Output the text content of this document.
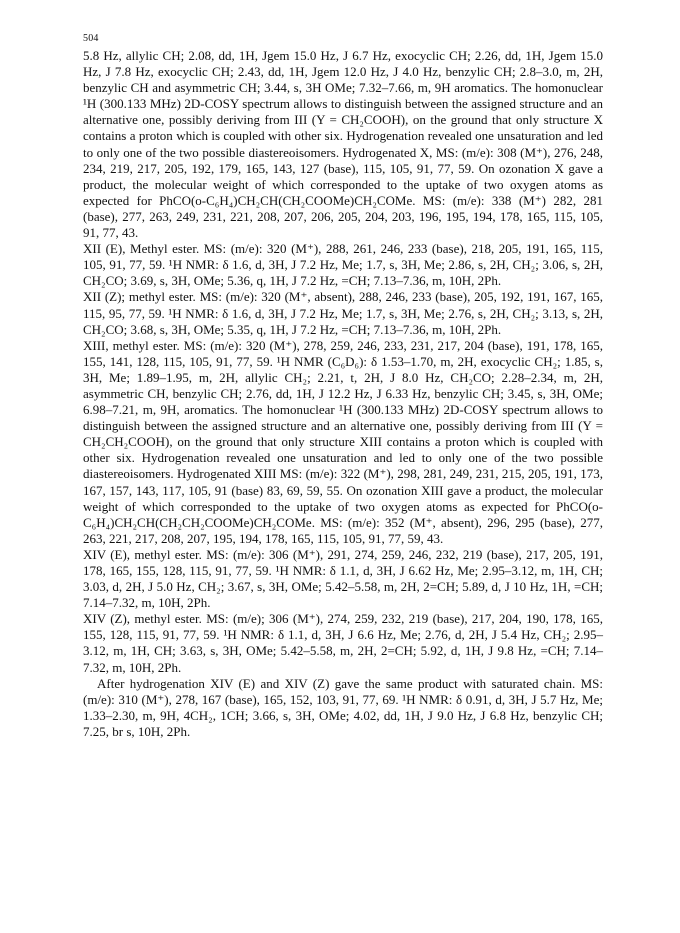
504

5.8 Hz, allylic CH; 2.08, dd, 1H, Jgem 15.0 Hz, J 6.7 Hz, exocyclic CH; 2.26, dd, 1H, Jgem 15.0 Hz, J 7.8 Hz, exocyclic CH; 2.43, dd, 1H, Jgem 12.0 Hz, J 4.0 Hz, benzylic CH; 2.8–3.0, m, 2H, benzylic CH and asymmetric CH; 3.44, s, 3H OMe; 7.32–7.66, m, 9H aromatics. The homonuclear ¹H (300.133 MHz) 2D-COSY spectrum allows to distinguish between the assigned structure and an alternative one, possibly deriving from III (Y = CH₂COOH), on the ground that only structure X contains a proton which is coupled with other six. Hydrogenation revealed one unsaturation and led to only one of the two possible diastereoisomers. Hydrogenated X, MS: (m/e): 308 (M⁺), 276, 248, 234, 219, 217, 205, 192, 179, 165, 143, 127 (base), 115, 105, 91, 77, 59. On ozonation X gave a product, the molecular weight of which corresponded to the uptake of two oxygen atoms as expected for PhCO(o-C₆H₄)CH₂CH(CH₂COOMe)CH₂COMe. MS: (m/e): 338 (M⁺) 282, 281 (base), 277, 263, 249, 231, 221, 208, 207, 206, 205, 204, 203, 196, 195, 194, 178, 165, 115, 105, 91, 77, 43.

XII (E), Methyl ester. MS: (m/e): 320 (M⁺), 288, 261, 246, 233 (base), 218, 205, 191, 165, 115, 105, 91, 77, 59. ¹H NMR: δ 1.6, d, 3H, J 7.2 Hz, Me; 1.7, s, 3H, Me; 2.86, s, 2H, CH₂; 3.06, s, 2H, CH₂CO; 3.69, s, 3H, OMe; 5.36, q, 1H, J 7.2 Hz, =CH; 7.13–7.36, m, 10H, 2Ph.

XII (Z); methyl ester. MS: (m/e): 320 (M⁺, absent), 288, 246, 233 (base), 205, 192, 191, 167, 165, 115, 95, 77, 59. ¹H NMR: δ 1.6, d, 3H, J 7.2 Hz, Me; 1.7, s, 3H, Me; 2.76, s, 2H, CH₂; 3.13, s, 2H, CH₂CO; 3.68, s, 3H, OMe; 5.35, q, 1H, J 7.2 Hz, =CH; 7.13–7.36, m, 10H, 2Ph.

XIII, methyl ester. MS: (m/e): 320 (M⁺), 278, 259, 246, 233, 231, 217, 204 (base), 191, 178, 165, 155, 141, 128, 115, 105, 91, 77, 59. ¹H NMR (C₆D₆): δ 1.53–1.70, m, 2H, exocyclic CH₂; 1.85, s, 3H, Me; 1.89–1.95, m, 2H, allylic CH₂; 2.21, t, 2H, J 8.0 Hz, CH₂CO; 2.28–2.34, m, 2H, asymmetric CH, benzylic CH; 2.76, dd, 1H, J 12.2 Hz, J 6.33 Hz, benzylic CH; 3.45, s, 3H, OMe; 6.98–7.21, m, 9H, aromatics. The homonuclear ¹H (300.133 MHz) 2D-COSY spectrum allows to distinguish between the assigned structure and an alternative one, possibly deriving from III (Y = CH₂CH₂COOH), on the ground that only structure XIII contains a proton which is coupled with other six. Hydrogenation revealed one unsaturation and led to only one of the two possible diastereoisomers. Hydrogenated XIII MS: (m/e): 322 (M⁺), 298, 281, 249, 231, 215, 205, 191, 173, 167, 157, 143, 117, 105, 91 (base) 83, 69, 59, 55. On ozonation XIII gave a product, the molecular weight of which corresponded to the uptake of two oxygen atoms as expected for PhCO(o-C₆H₄)CH₂CH(CH₂CH₂COOMe)CH₂COMe. MS: (m/e): 352 (M⁺, absent), 296, 295 (base), 277, 263, 221, 217, 208, 207, 195, 194, 178, 165, 115, 105, 91, 77, 59, 43.

XIV (E), methyl ester. MS: (m/e): 306 (M⁺), 291, 274, 259, 246, 232, 219 (base), 217, 205, 191, 178, 165, 155, 128, 115, 91, 77, 59. ¹H NMR: δ 1.1, d, 3H, J 6.62 Hz, Me; 2.95–3.12, m, 1H, CH; 3.03, d, 2H, J 5.0 Hz, CH₂; 3.67, s, 3H, OMe; 5.42–5.58, m, 2H, 2=CH; 5.89, d, J 10 Hz, 1H, =CH; 7.14–7.32, m, 10H, 2Ph.

XIV (Z), methyl ester. MS: (m/e); 306 (M⁺), 274, 259, 232, 219 (base), 217, 204, 190, 178, 165, 155, 128, 115, 91, 77, 59. ¹H NMR: δ 1.1, d, 3H, J 6.6 Hz, Me; 2.76, d, 2H, J 5.4 Hz, CH₂; 2.95–3.12, m, 1H, CH; 3.63, s, 3H, OMe; 5.42–5.58, m, 2H, 2=CH; 5.92, d, 1H, J 9.8 Hz, =CH; 7.14–7.32, m, 10H, 2Ph.

After hydrogenation XIV (E) and XIV (Z) gave the same product with saturated chain. MS: (m/e): 310 (M⁺), 278, 167 (base), 165, 152, 103, 91, 77, 69. ¹H NMR: δ 0.91, d, 3H, J 5.7 Hz, Me; 1.33–2.30, m, 9H, 4CH₂, 1CH; 3.66, s, 3H, OMe; 4.02, dd, 1H, J 9.0 Hz, J 6.8 Hz, benzylic CH; 7.25, br s, 10H, 2Ph.
